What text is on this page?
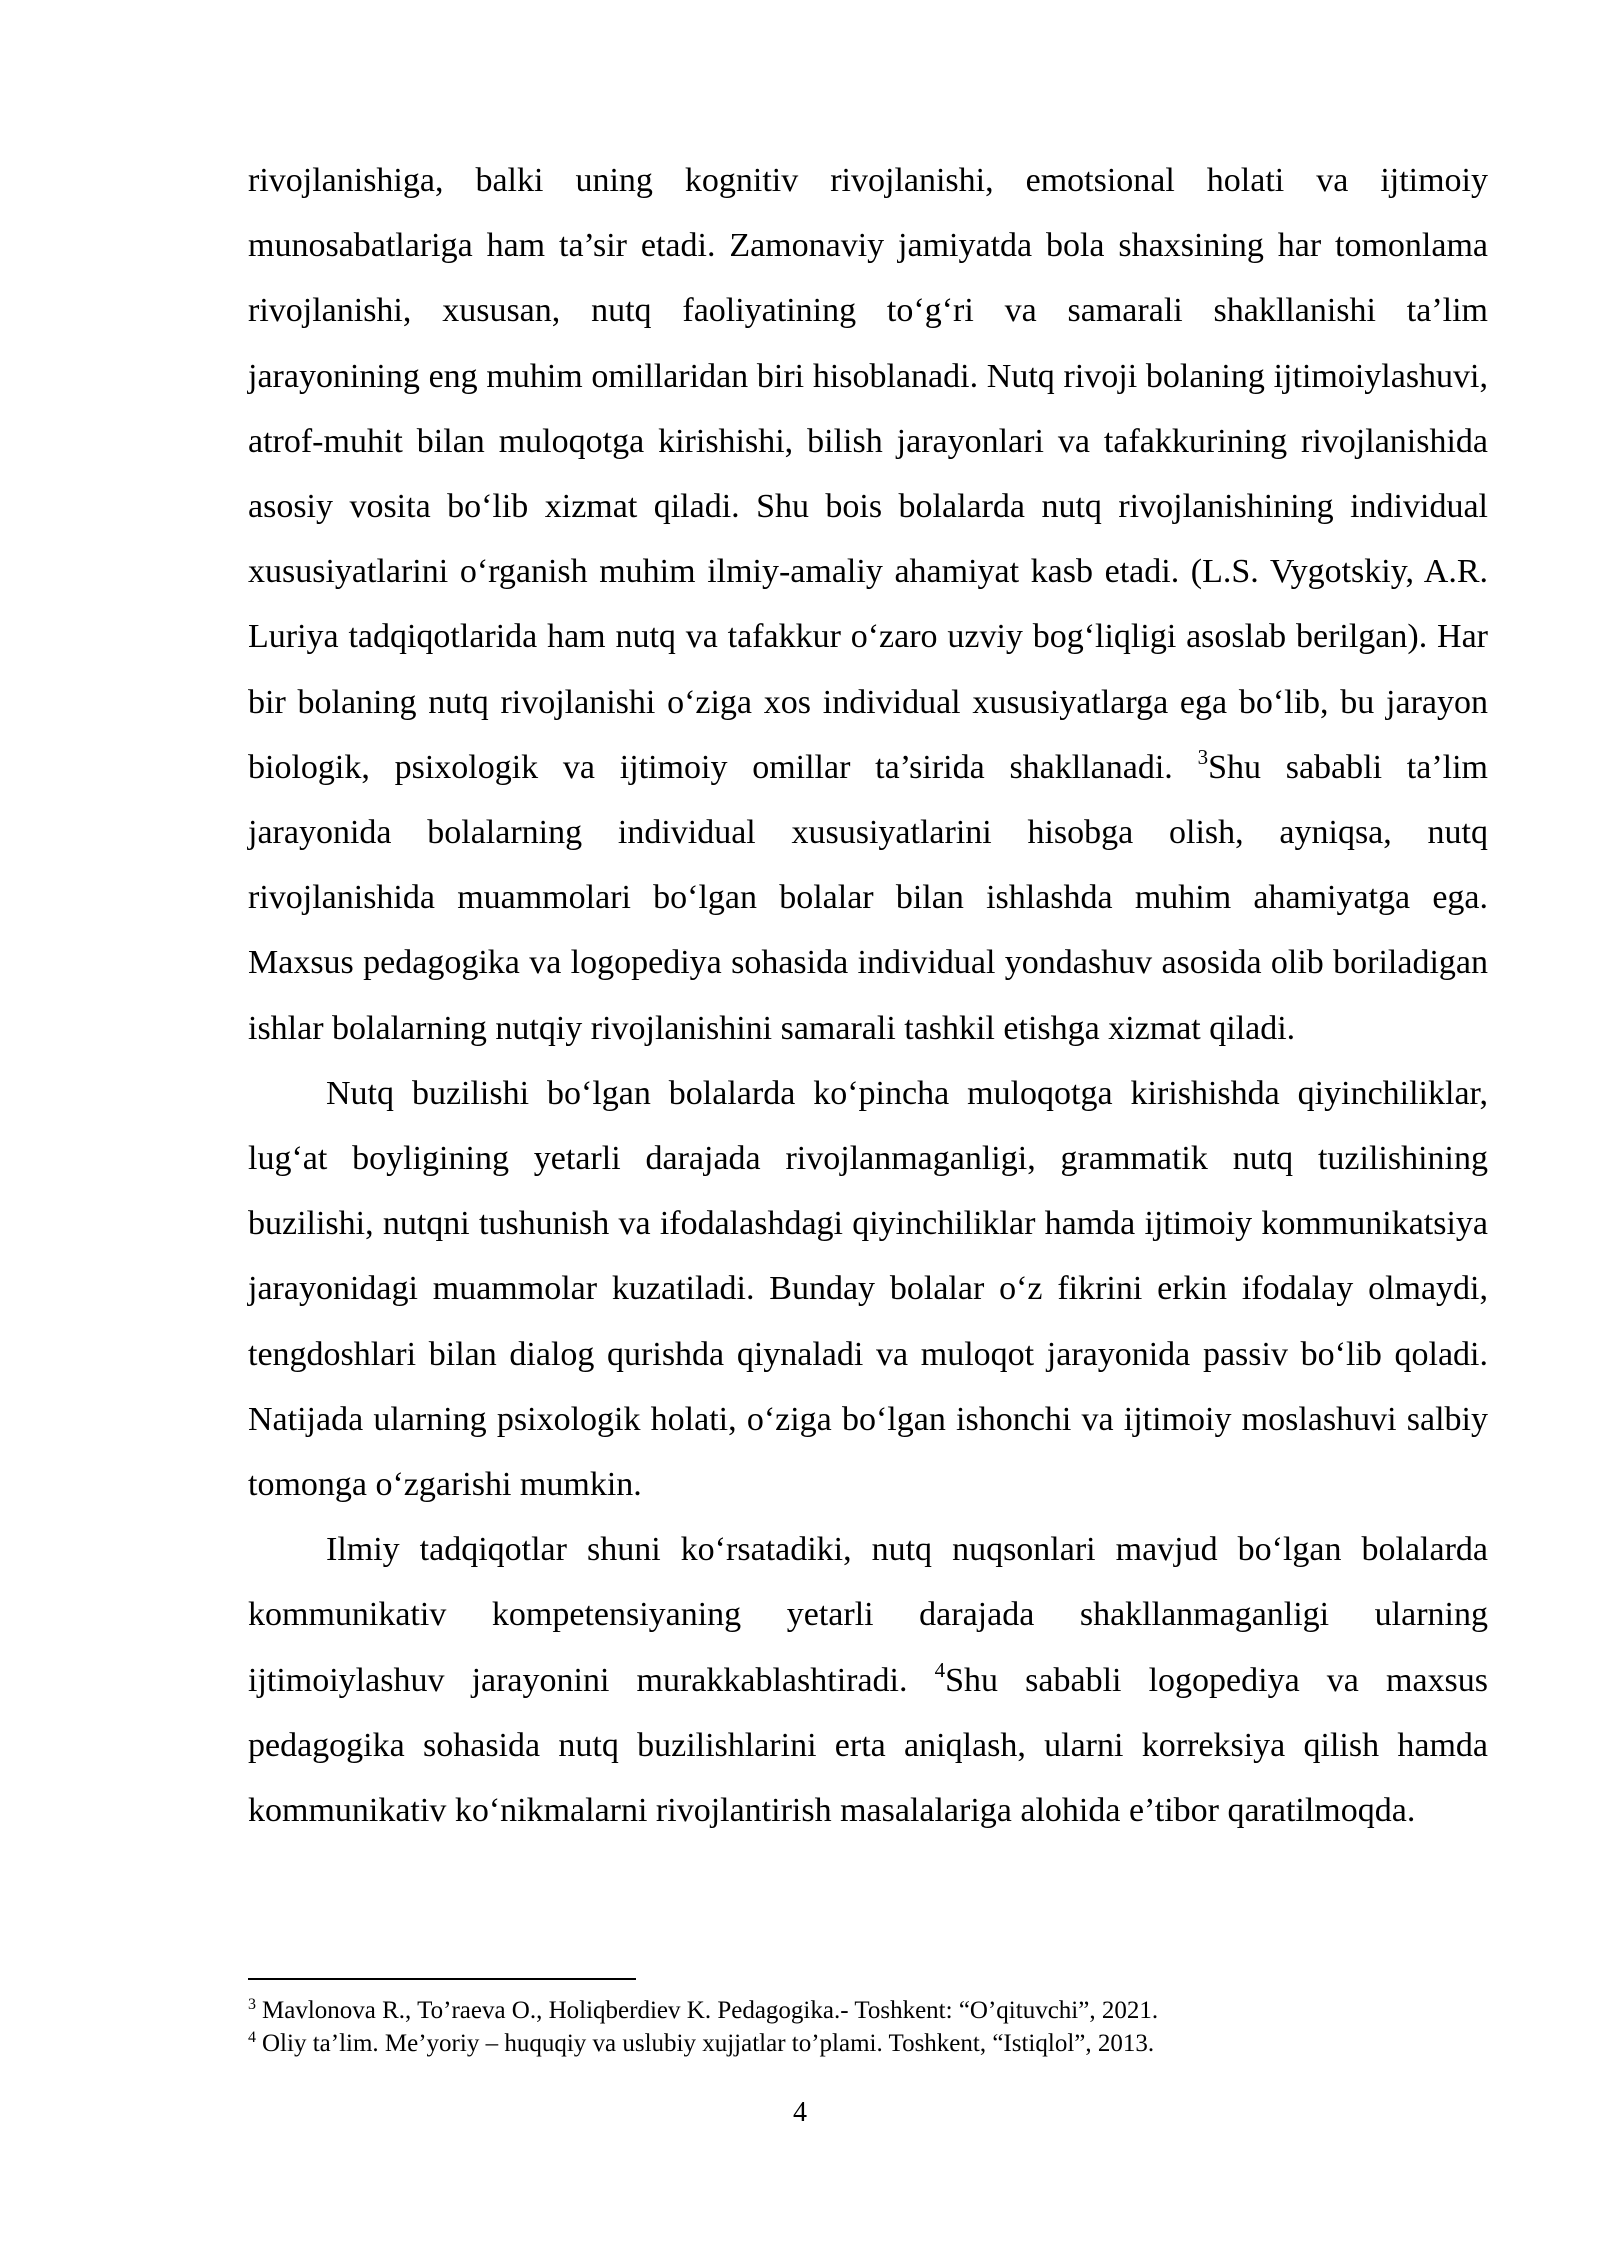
rivojlanishiga, balki uning kognitiv rivojlanishi, emotsional holati va ijtimoiy munosabatlariga ham ta’sir etadi. Zamonaviy jamiyatda bola shaxsining har tomonlama rivojlanishi, xususan, nutq faoliyatining to‘g‘ri va samarali shakllanishi ta’lim jarayonining eng muhim omillaridan biri hisoblanadi. Nutq rivoji bolaning ijtimoiylashuvi, atrof-muhit bilan muloqotga kirishishi, bilish jarayonlari va tafakkurining rivojlanishida asosiy vosita bo‘lib xizmat qiladi. Shu bois bolalarda nutq rivojlanishining individual xususiyatlarini o‘rganish muhim ilmiy-amaliy ahamiyat kasb etadi. (L.S. Vygotskiy, A.R. Luriya tadqiqotlarida ham nutq va tafakkur o‘zaro uzviy bog‘liqligi asoslab berilgan). Har bir bolaning nutq rivojlanishi o‘ziga xos individual xususiyatlarga ega bo‘lib, bu jarayon biologik, psixologik va ijtimoiy omillar ta’sirida shakllanadi. $^3$Shu sababli ta’lim jarayonida bolalarning individual xususiyatlarini hisobga olish, ayniqsa, nutq rivojlanishida muammolari bo‘lgan bolalar bilan ishlashda muhim ahamiyatga ega. Maxsus pedagogika va logopediya sohasida individual yondashuv asosida olib boriladigan ishlar bolalarning nutqiy rivojlanishini samarali tashkil etishga xizmat qiladi.

Nutq buzilishi bo‘lgan bolalarda ko‘pincha muloqotga kirishishda qiyinchiliklar, lug‘at boyligining yetarli darajada rivojlanmaganligi, grammatik nutq tuzilishining buzilishi, nutqni tushunish va ifodalashdagi qiyinchiliklar hamda ijtimoiy kommunikatsiya jarayonidagi muammolar kuzatiladi. Bunday bolalar o‘z fikrini erkin ifodalay olmaydi, tengdoshlari bilan dialog qurishda qiynaladi va muloqot jarayonida passiv bo‘lib qoladi. Natijada ularning psixologik holati, o‘ziga bo‘lgan ishonchi va ijtimoiy moslashuvi salbiy tomonga o‘zgarishi mumkin.

Ilmiy tadqiqotlar shuni ko‘rsatadiki, nutq nuqsonlari mavjud bo‘lgan bolalarda kommunikativ kompetensiyaning yetarli darajada shakllanmaganligi ularning ijtimoiylashuv jarayonini murakkablashtiradi. $^4$Shu sababli logopediya va maxsus pedagogika sohasida nutq buzilishlarini erta aniqlash, ularni korreksiya qilish hamda kommunikativ ko‘nikmalarni rivojlantirish masalalariga alohida e’tibor qaratilmoqda.

$^3$ Mavlonova R., To’raeva O., Holiqberdiev K. Pedagogika.- Toshkent: “O’qituvchi”, 2021.

$^4$ Oliy ta’lim. Me’yoriy – huquqiy va uslubiy xujjatlar to’plami. Toshkent, “Istiqlol”, 2013.

4
